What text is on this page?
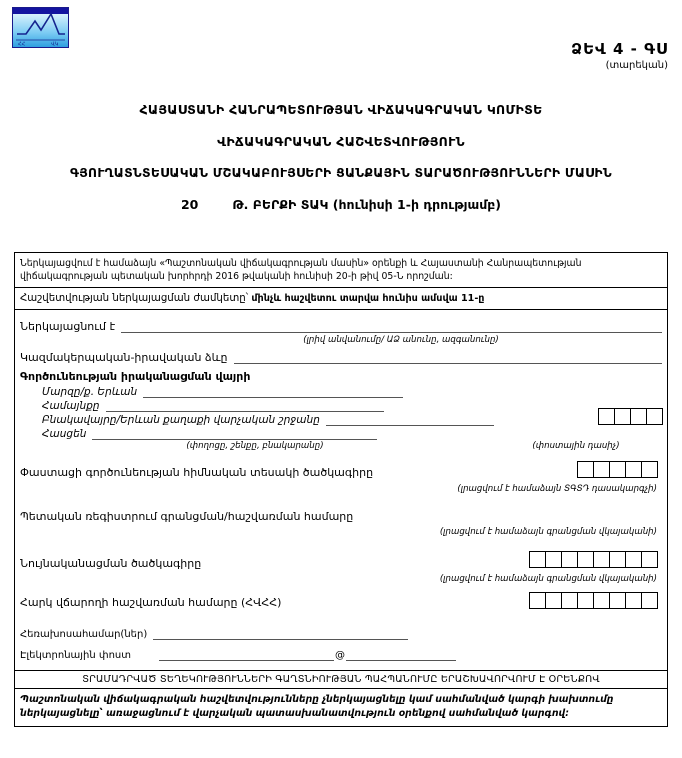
ՀՀ	ՎԿ	ՁԵՎ 4 - ԳՍ
(տարեկան)
ՀԱՅԱՍՏԱՆԻ ՀԱՆՐԱՊԵՏՈՒԹՅԱՆ ՎԻՃԱԿԱԳՐԱԿԱՆ ԿՈՄԻՏԵ
ՎԻՃԱԿԱԳՐԱԿԱՆ ՀԱՇՎԵՏՎՈՒԹՅՈՒՆ
ԳՅՈՒՂԱՏՆՏԵՍԱԿԱՆ ՄՇԱԿԱԲՈՒՅՍԵՐԻ ՑԱՆՔԱՅԻՆ ՏԱՐԱԾՈՒԹՅՈՒՆՆԵՐԻ ՄԱՍԻՆ
20	Թ. ԲԵՐՔԻ ՏԱԿ (հունիսի 1-ի դրությամբ)
Ներկայացվում է համաձայն «Պաշտոնական վիճակագրության մասին» օրենքի և Հայաստանի Հանրապետության վիճակագրության պետական խորհրդի 2016 թվականի հունիսի 20-ի թիվ 05-Ն որոշման:
Հաշվետվության ներկայացման ժամկետը՝ մինչև հաշվետու տարվա հունիս ամսվա 11-ը
Ներկայացնում է
(լրիվ անվանումը/ ԱՁ անունը, ազգանունը)
Կազմակերպական-իրավական ձևը
Գործունեության իրականացման վայրի
Մարզը/ք. Երևան
Համայնքը
Բնակավայրը/Երևան քաղաքի վարչական շրջանը
Հասցեն
(փողոցը, շենքը, բնակարանը)	(փոստային դասիչ)
Փաստացի գործունեության հիմնական տեսակի ծածկագիրը
(լրացվում է համաձայն ՏԳՏԴ դասակարգչի)
Պետական ռեգիստրում գրանցման/հաշվառման համարը
(լրացվում է համաձայն գրանցման վկայականի)
Նույնականացման ծածկագիրը
(լրացվում է համաձայն գրանցման վկայականի)
Հարկ վճարողի հաշվառման համարը (ՀՎՀՀ)
Հեռախոսահամար(ներ)
Էլեկտրոնային փոստ	@
ՏՐԱՄԱԴՐՎԱԾ ՏԵՂԵԿՈՒԹՅՈՒՆՆԵՐԻ ԳԱՂՏՆԻՈՒԹՅԱՆ ՊԱՀՊԱՆՈՒՄԸ ԵՐԱՇԽԱՎՈՐՎՈՒՄ Է ՕՐԵՆՔՈՎ
Պաշտոնական վիճակագրական հաշվետվությունները չներկայացնելը կամ սահմանված կարգի խախտումը ներկայացնելը՝ առաջացնում է վարչական պատասխանատվություն օրենքով սահմանված կարգով:
